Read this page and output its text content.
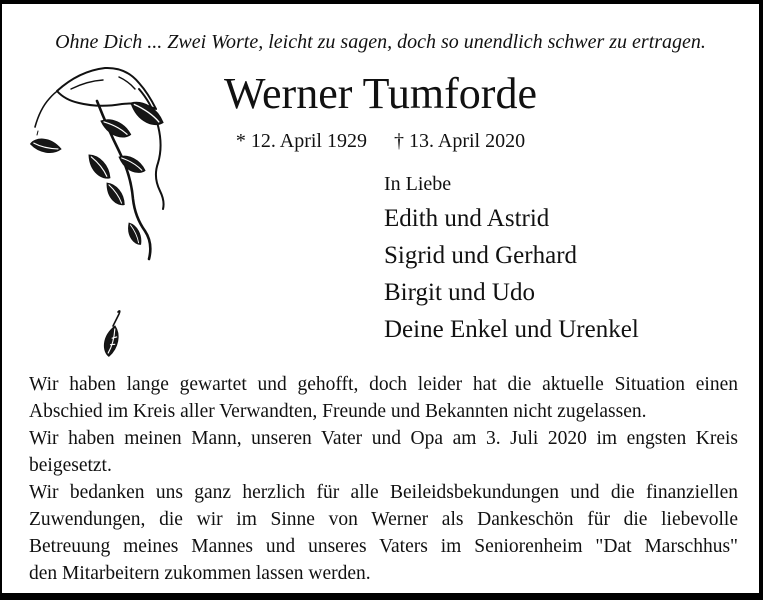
Ohne Dich ... Zwei Worte, leicht zu sagen, doch so unendlich schwer zu ertragen.
Werner Tumforde
* 12. April 1929 † 13. April 2020
In Liebe
Edith und Astrid
Sigrid und Gerhard
Birgit und Udo
Deine Enkel und Urenkel
Wir haben lange gewartet und gehofft, doch leider hat die aktuelle Situation einen
Abschied im Kreis aller Verwandten, Freunde und Bekannten nicht zugelassen.
Wir haben meinen Mann, unseren Vater und Opa am 3. Juli 2020 im engsten Kreis
beigesetzt.
Wir bedanken uns ganz herzlich für alle Beileidsbekundungen und die finanziellen
Zuwendungen, die wir im Sinne von Werner als Dankeschön für die liebevolle
Betreuung meines Mannes und unseres Vaters im Seniorenheim "Dat Marschhus"
den Mitarbeitern zukommen lassen werden.
